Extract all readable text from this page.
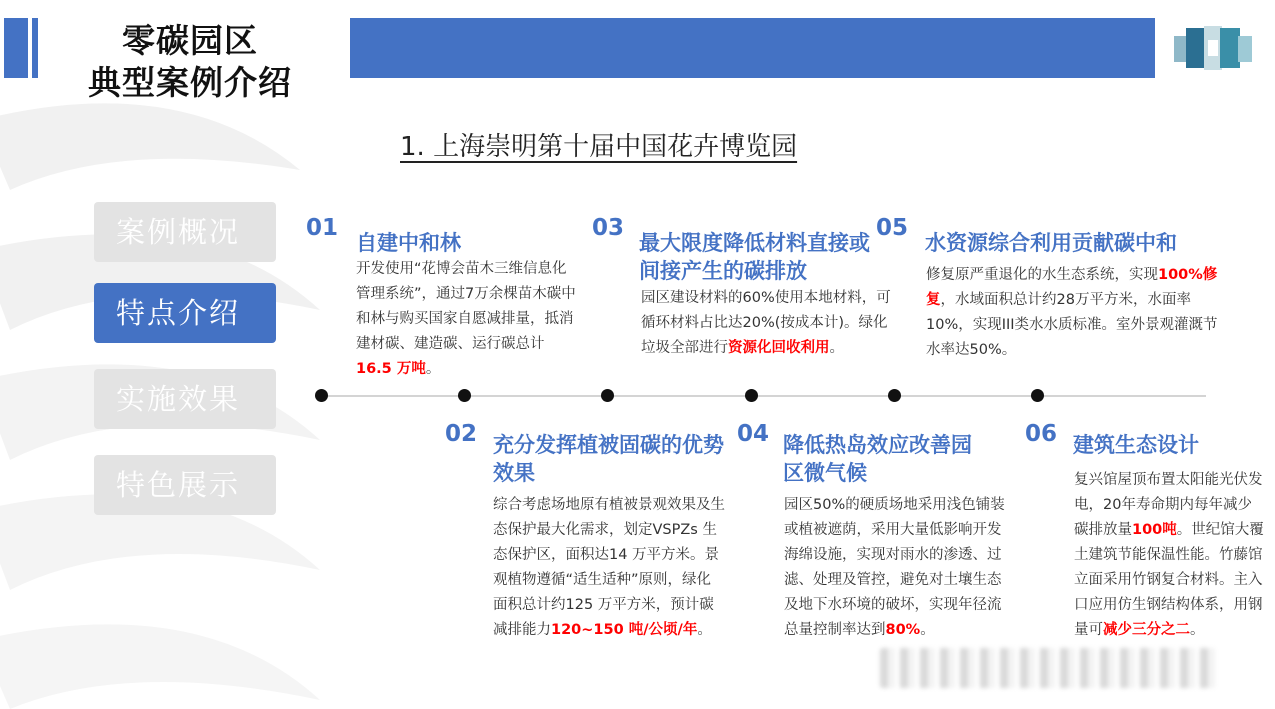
零碳园区
典型案例介绍
1. 上海崇明第十届中国花卉博览园
案例概况
特点介绍
实施效果
特色展示
01
自建中和林
开发使用“花博会苗木三维信息化管理系统”，通过7万余棵苗木碳中和林与购买国家自愿减排量，抵消建材碳、建造碳、运行碳总计 16.5 万吨。
02 充分发挥植被固碳的优势效果
综合考虑场地原有植被景观效果及生态保护最大化需求，划定VSPZs 生态保护区，面积达14 万平方米。景观植物遵循“适生适种”原则，绿化面积总计约125 万平方米，预计碳减排能力120~150 吨/公顷/年。
03
最大限度降低材料直接或间接产生的碳排放
园区建设材料的60%使用本地材料，可循环材料占比达20%(按成本计)。绿化垃圾全部进行资源化回收利用。
04 降低热岛效应改善园区微气候
园区50%的硬质场地采用浅色铺装或植被遮荫，采用大量低影响开发海绵设施，实现对雨水的渗透、过滤、处理及管控，避免对土壤生态及地下水环境的破坏，实现年径流总量控制率达到80%。
05
水资源综合利用贡献碳中和
修复原严重退化的水生态系统，实现100%修复，水域面积总计约28万平方米，水面率10%，实现III类水水质标准。室外景观灌溉节水率达50%。
06 建筑生态设计
复兴馆屋顶布置太阳能光伏发电，20年寿命期内每年减少碳排放量100吨。世纪馆大覆土建筑节能保温性能。竹藤馆立面采用竹钢复合材料。主入口应用仿生钢结构体系，用钢量可减少三分之二。
